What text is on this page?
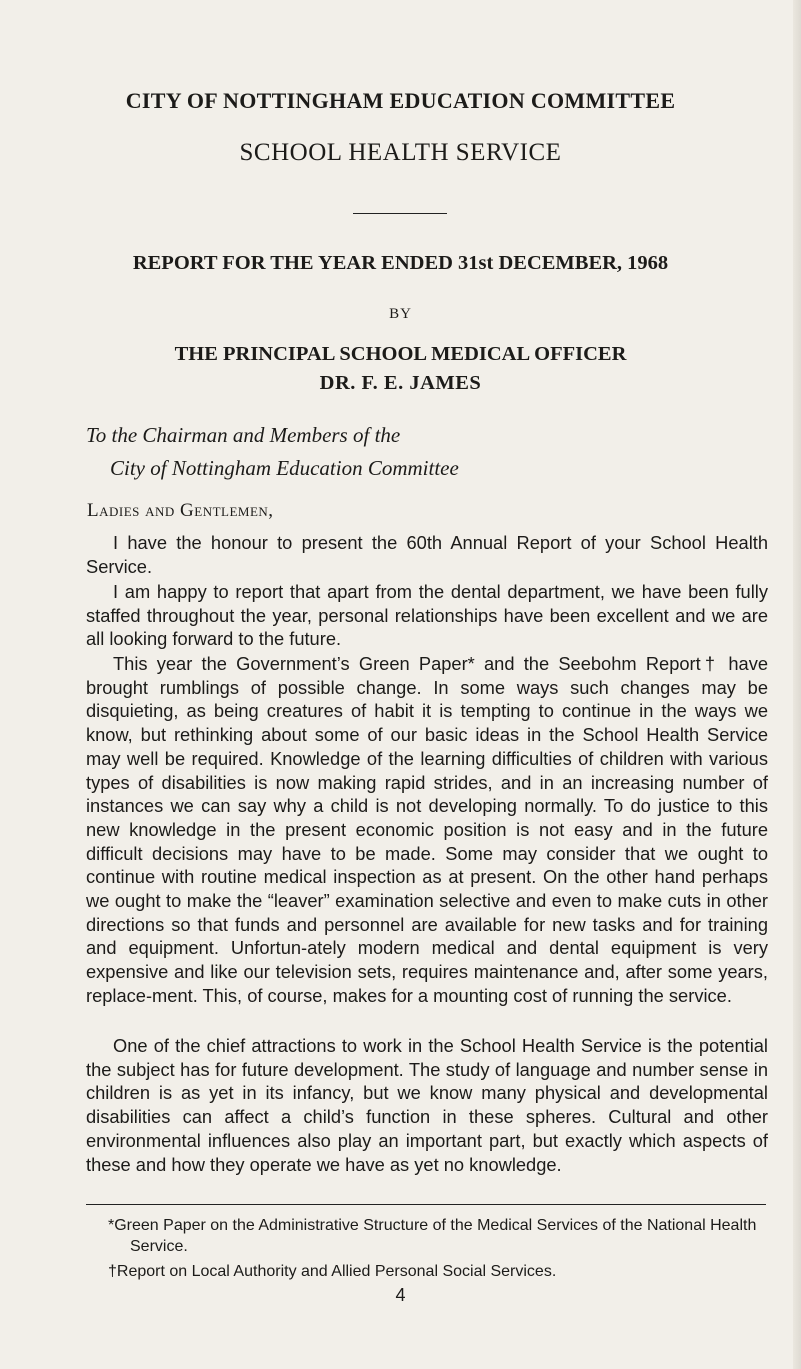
CITY OF NOTTINGHAM EDUCATION COMMITTEE
SCHOOL HEALTH SERVICE
REPORT FOR THE YEAR ENDED 31st DECEMBER, 1968
BY
THE PRINCIPAL SCHOOL MEDICAL OFFICER
DR. F. E. JAMES
To the Chairman and Members of the
City of Nottingham Education Committee
Ladies and Gentlemen,

I have the honour to present the 60th Annual Report of your School Health Service.

I am happy to report that apart from the dental department, we have been fully staffed throughout the year, personal relationships have been excellent and we are all looking forward to the future.

This year the Government’s Green Paper* and the Seebohm Report† have brought rumblings of possible change. In some ways such changes may be disquieting, as being creatures of habit it is tempting to continue in the ways we know, but rethinking about some of our basic ideas in the School Health Service may well be required. Knowledge of the learning difficulties of children with various types of disabilities is now making rapid strides, and in an increasing number of instances we can say why a child is not developing normally. To do justice to this new knowledge in the present economic position is not easy and in the future difficult decisions may have to be made. Some may consider that we ought to continue with routine medical inspection as at present. On the other hand perhaps we ought to make the “leaver” examination selective and even to make cuts in other directions so that funds and personnel are available for new tasks and for training and equipment. Unfortun-ately modern medical and dental equipment is very expensive and like our television sets, requires maintenance and, after some years, replace-ment. This, of course, makes for a mounting cost of running the service.

One of the chief attractions to work in the School Health Service is the potential the subject has for future development. The study of language and number sense in children is as yet in its infancy, but we know many physical and developmental disabilities can affect a child’s function in these spheres. Cultural and other environmental influences also play an important part, but exactly which aspects of these and how they operate we have as yet no knowledge.

*Green Paper on the Administrative Structure of the Medical Services of the National Health Service.

†Report on Local Authority and Allied Personal Social Services.

4
